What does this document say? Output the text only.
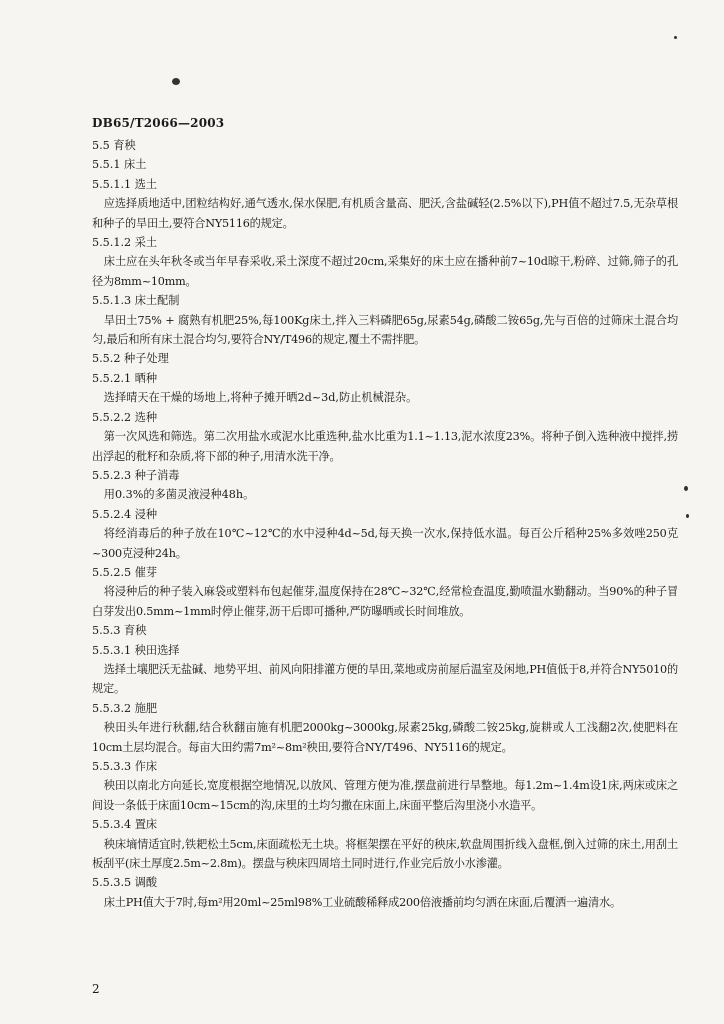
DB65/T2066—2003
5.5 育秧
5.5.1 床土
5.5.1.1 选土
应选择质地适中,团粒结构好,通气透水,保水保肥,有机质含量高、肥沃,含盐碱轻(2.5%以下),PH值不超过7.5,无杂草根和种子的旱田土,要符合NY5116的规定。
5.5.1.2 采土
床土应在头年秋冬或当年早春采收,采土深度不超过20cm,采集好的床土应在播种前7~10d晾干,粉碎、过筛,筛子的孔径为8mm~10mm。
5.5.1.3 床土配制
旱田土75% + 腐熟有机肥25%,每100Kg床土,拌入三料磷肥65g,尿素54g,磷酸二铵65g,先与百倍的过筛床土混合均匀,最后和所有床土混合均匀,要符合NY/T496的规定,覆土不需拌肥。
5.5.2 种子处理
5.5.2.1 晒种
选择晴天在干燥的场地上,将种子摊开晒2d~3d,防止机械混杂。
5.5.2.2 选种
第一次风选和筛选。第二次用盐水或泥水比重选种,盐水比重为1.1~1.13,泥水浓度23%。将种子倒入选种液中搅拌,捞出浮起的秕籽和杂质,将下部的种子,用清水洗干净。
5.5.2.3 种子消毒
用0.3%的多菌灵液浸种48h。
5.5.2.4 浸种
将经消毒后的种子放在10℃~12℃的水中浸种4d~5d,每天换一次水,保持低水温。每百公斤稻种25%多效唑250克~300克浸种24h。
5.5.2.5 催芽
将浸种后的种子装入麻袋或塑料布包起催芽,温度保持在28℃~32℃,经常检查温度,勤喷温水勤翻动。当90%的种子冒白芽发出0.5mm~1mm时停止催芽,沥干后即可播种,严防曝晒或长时间堆放。
5.5.3 育秧
5.5.3.1 秧田选择
选择土壤肥沃无盐碱、地势平坦、前风向阳排灌方便的旱田,菜地或房前屋后温室及闲地,PH值低于8,并符合NY5010的规定。
5.5.3.2 施肥
秧田头年进行秋翻,结合秋翻亩施有机肥2000kg~3000kg,尿素25kg,磷酸二铵25kg,旋耕或人工浅翻2次,使肥料在10cm土层均混合。每亩大田约需7m²~8m²秧田,要符合NY/T496、NY5116的规定。
5.5.3.3 作床
秧田以南北方向延长,宽度根据空地情况,以放风、管理方便为准,摆盘前进行旱整地。每1.2m~1.4m设1床,两床或床之间设一条低于床面10cm~15cm的沟,床里的土均匀撒在床面上,床面平整后沟里浇小水造平。
5.5.3.4 置床
秧床墒情适宜时,铁耙松土5cm,床面疏松无土块。将框架摆在平好的秧床,软盘周围折线入盘框,倒入过筛的床土,用刮土板刮平(床土厚度2.5m~2.8m)。摆盘与秧床四周培土同时进行,作业完后放小水渗灌。
5.5.3.5 调酸
床土PH值大于7时,每m²用20ml~25ml98%工业硫酸稀释成200倍液播前均匀洒在床面,后覆洒一遍清水。
2
